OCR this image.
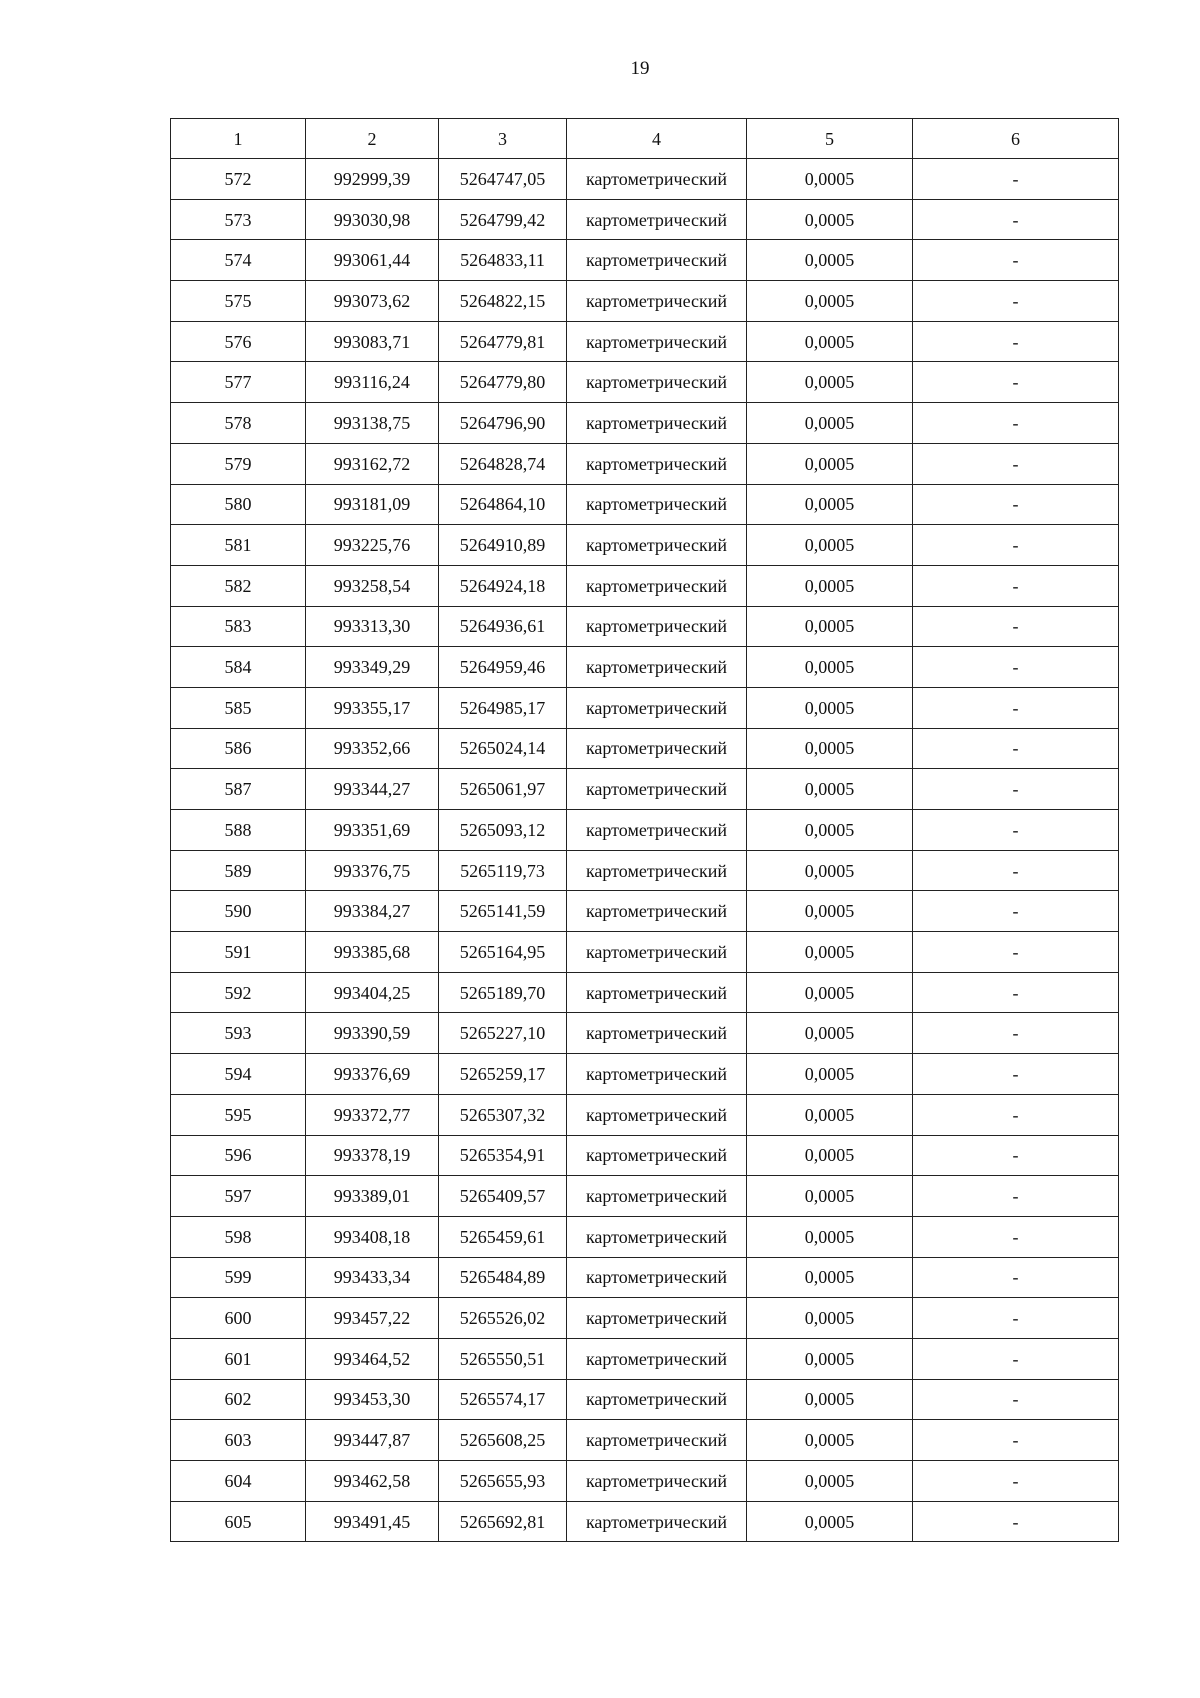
19
1	2	3	4	5	6
572	992999,39	5264747,05	картометрический	0,0005	-
573	993030,98	5264799,42	картометрический	0,0005	-
574	993061,44	5264833,11	картометрический	0,0005	-
575	993073,62	5264822,15	картометрический	0,0005	-
576	993083,71	5264779,81	картометрический	0,0005	-
577	993116,24	5264779,80	картометрический	0,0005	-
578	993138,75	5264796,90	картометрический	0,0005	-
579	993162,72	5264828,74	картометрический	0,0005	-
580	993181,09	5264864,10	картометрический	0,0005	-
581	993225,76	5264910,89	картометрический	0,0005	-
582	993258,54	5264924,18	картометрический	0,0005	-
583	993313,30	5264936,61	картометрический	0,0005	-
584	993349,29	5264959,46	картометрический	0,0005	-
585	993355,17	5264985,17	картометрический	0,0005	-
586	993352,66	5265024,14	картометрический	0,0005	-
587	993344,27	5265061,97	картометрический	0,0005	-
588	993351,69	5265093,12	картометрический	0,0005	-
589	993376,75	5265119,73	картометрический	0,0005	-
590	993384,27	5265141,59	картометрический	0,0005	-
591	993385,68	5265164,95	картометрический	0,0005	-
592	993404,25	5265189,70	картометрический	0,0005	-
593	993390,59	5265227,10	картометрический	0,0005	-
594	993376,69	5265259,17	картометрический	0,0005	-
595	993372,77	5265307,32	картометрический	0,0005	-
596	993378,19	5265354,91	картометрический	0,0005	-
597	993389,01	5265409,57	картометрический	0,0005	-
598	993408,18	5265459,61	картометрический	0,0005	-
599	993433,34	5265484,89	картометрический	0,0005	-
600	993457,22	5265526,02	картометрический	0,0005	-
601	993464,52	5265550,51	картометрический	0,0005	-
602	993453,30	5265574,17	картометрический	0,0005	-
603	993447,87	5265608,25	картометрический	0,0005	-
604	993462,58	5265655,93	картометрический	0,0005	-
605	993491,45	5265692,81	картометрический	0,0005	-
